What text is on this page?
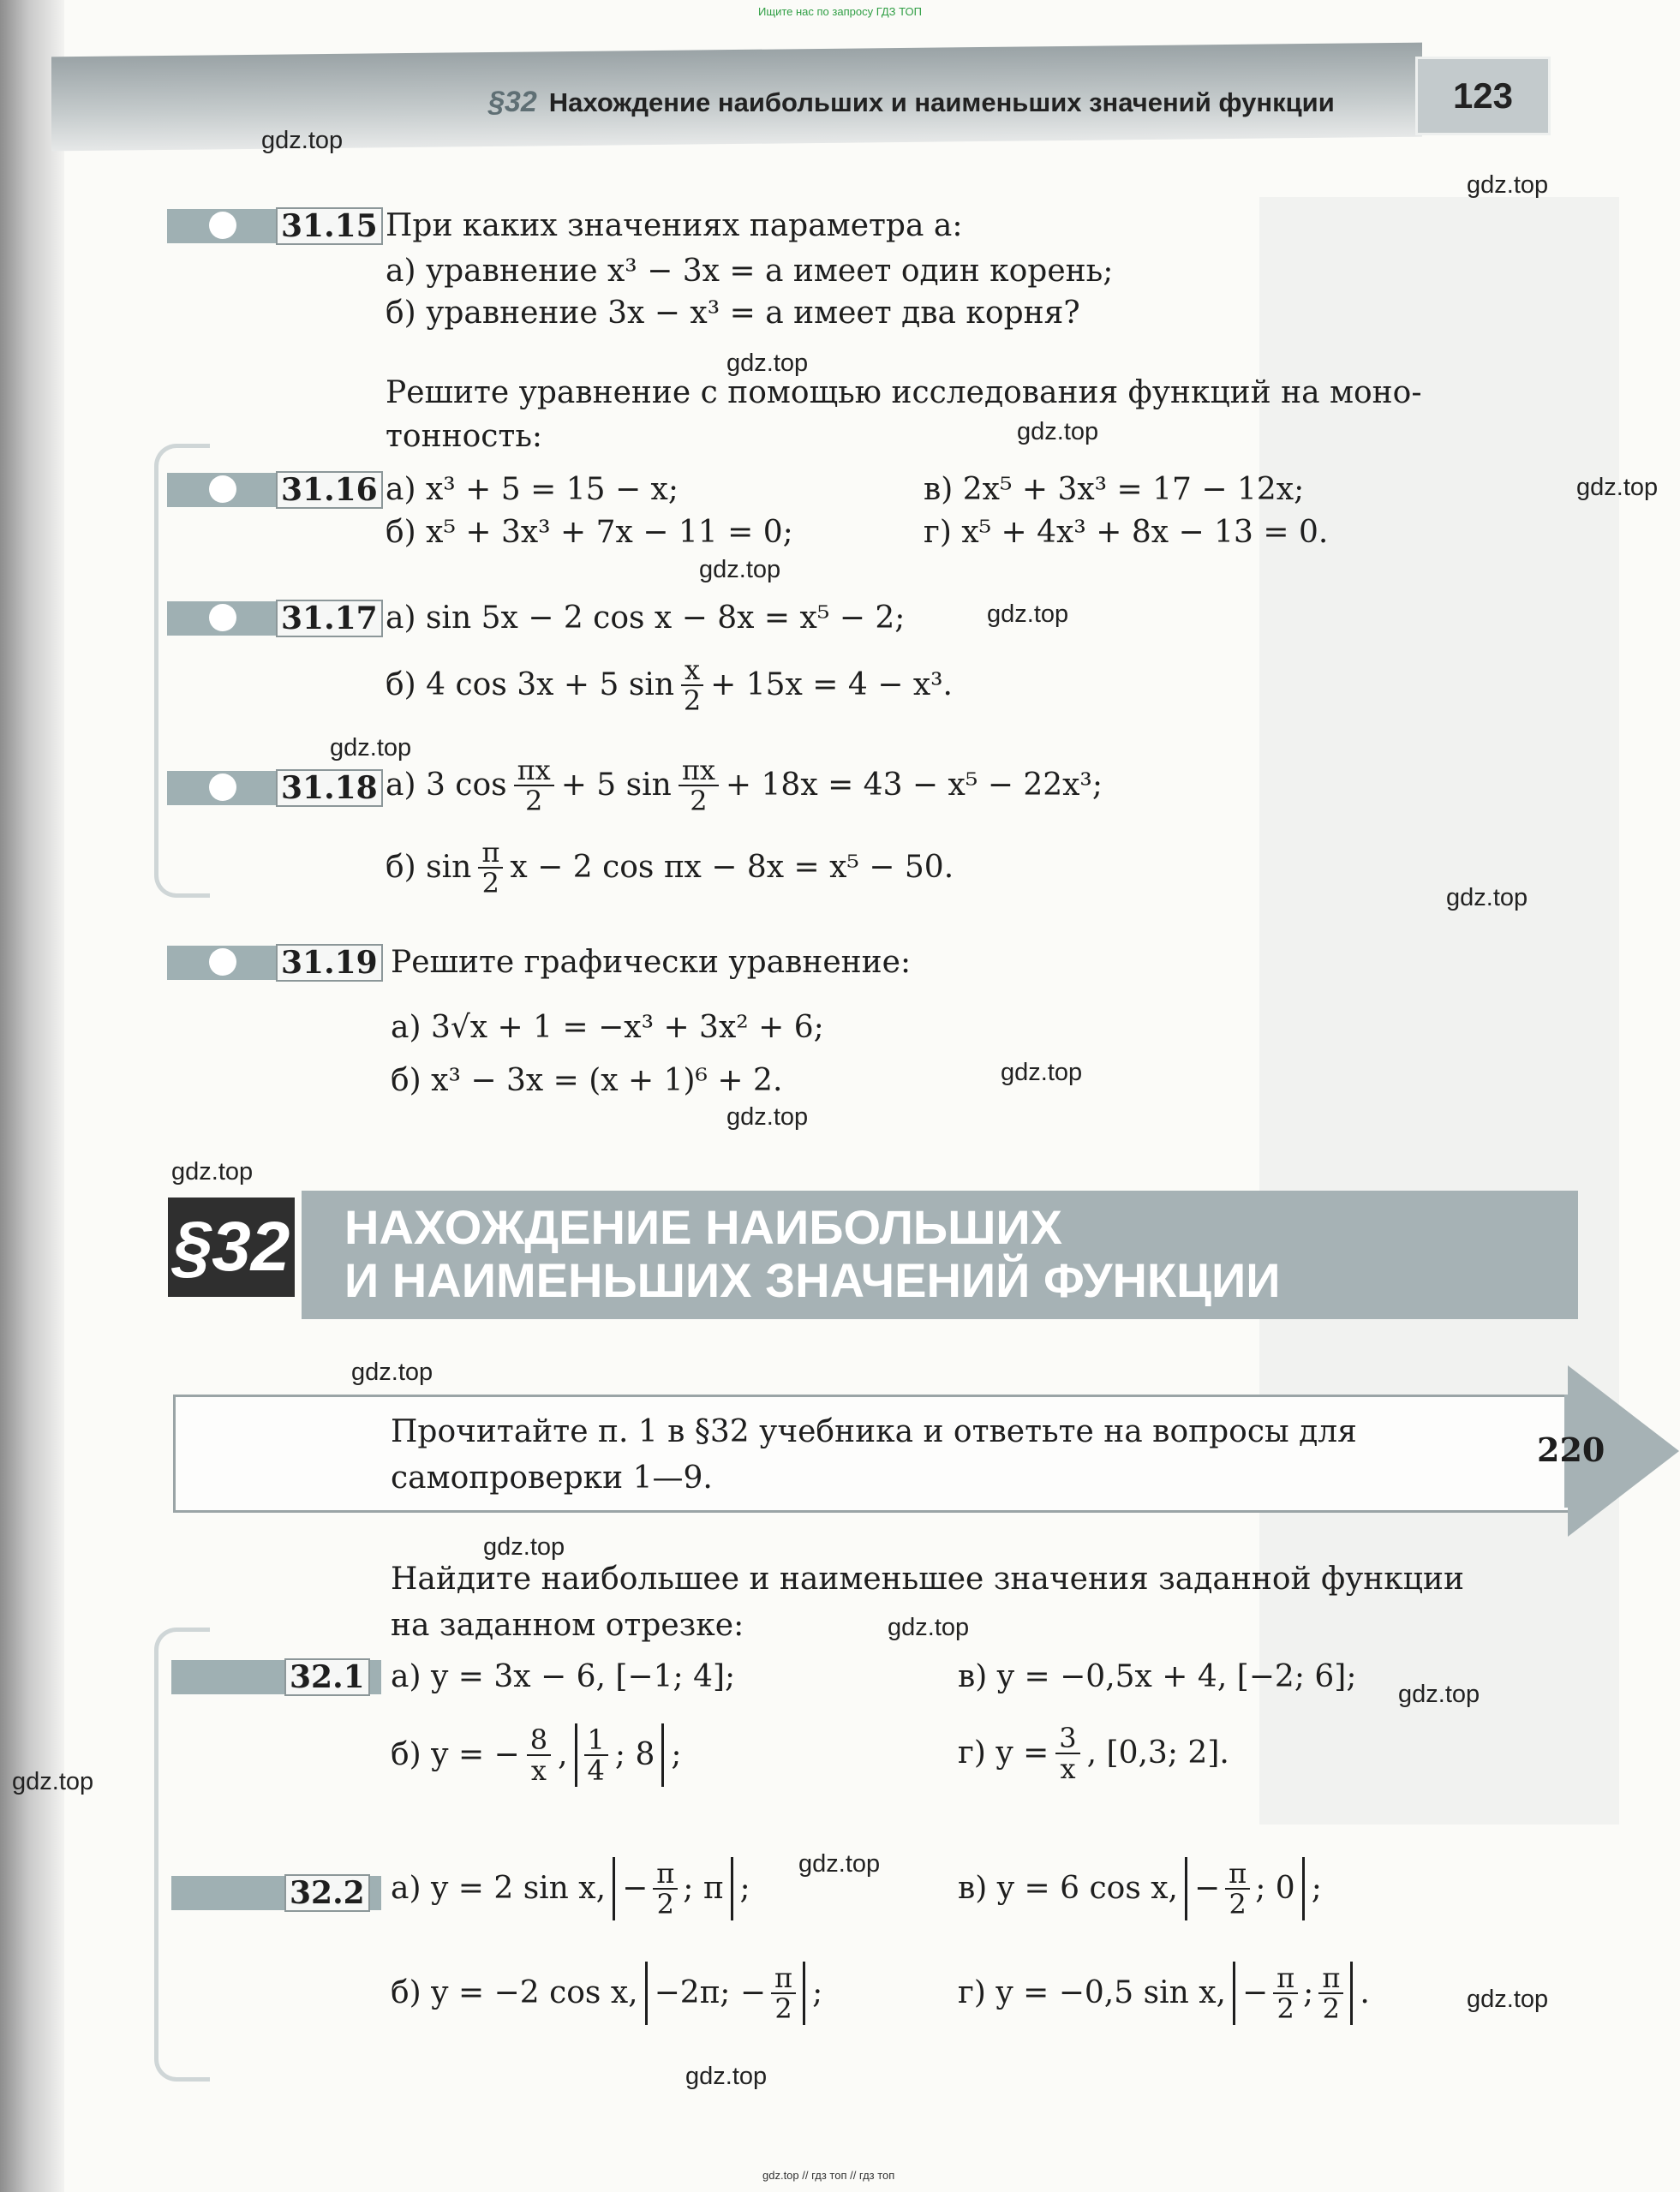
Ищите нас по запросу ГДЗ ТОП
§32 Нахождение наибольших и наименьших значений функции	123
gdz.top
gdz.top
gdz.top
gdz.top
gdz.top
gdz.top
gdz.top
gdz.top
gdz.top
gdz.top
gdz.top
gdz.top
gdz.top
gdz.top
gdz.top
gdz.top
gdz.top
gdz.top
gdz.top
gdz.top
31.15 При каких значениях параметра a:
а) уравнение x³ − 3x = a имеет один корень;
б) уравнение 3x − x³ = a имеет два корня?
Решите уравнение с помощью исследования функций на моно-
тонность:
31.16 а) x³ + 5 = 15 − x;	в) 2x⁵ + 3x³ = 17 − 12x;
б) x⁵ + 3x³ + 7x − 11 = 0;	г) x⁵ + 4x³ + 8x − 13 = 0.
31.17 а) sin 5x − 2 cos x − 8x = x⁵ − 2;
б) 4 cos 3x + 5 $\sin \frac{x}{2} + 15x = 4 - x^3$.
31.18 а) 3 $\cos \frac{\pi x}{2} + 5$ $\sin \frac{\pi x}{2} + 18x = 43 - x^5 - 22x^3$;
б) $\sin \frac{\pi}{2}$ x − 2 cos πx − 8x = x⁵ − 50.
31.19 Решите графически уравнение:
а) 3√x + 1 = −x³ + 3x² + 6;
б) x³ − 3x = (x + 1)⁶ + 2.
§32 НАХОЖДЕНИЕ НАИБОЛЬШИХ
И НАИМЕНЬШИХ ЗНАЧЕНИЙ ФУНКЦИИ
Прочитайте п. 1 в §32 учебника и ответьте на вопросы для
самопроверки 1—9.
220
Найдите наибольшее и наименьшее значения заданной функции
на заданном отрезке:
32.1 а) y = 3x − 6, [−1; 4];	в) y = −0,5x + 4, [−2; 6];
б) y = − $\frac{8}{x}$ , $\frac{1}{4}$ ; 8 ;	г) $y = \frac{3}{x}$ , [0,3; 2].
32.2 а) y = 2 sin x, − $\frac{\pi}{2}$ ; π ;	в) y = 6 cos x, − $\frac{\pi}{2}$ ; 0 ;
б) y = −2 cos x, −2π; − $\frac{\pi}{2}$ ;	г) y = −0,5 sin x, − $\frac{\pi}{2}$ ; $\frac{\pi}{2}$ .
gdz.top // гдз топ // гдз топ
